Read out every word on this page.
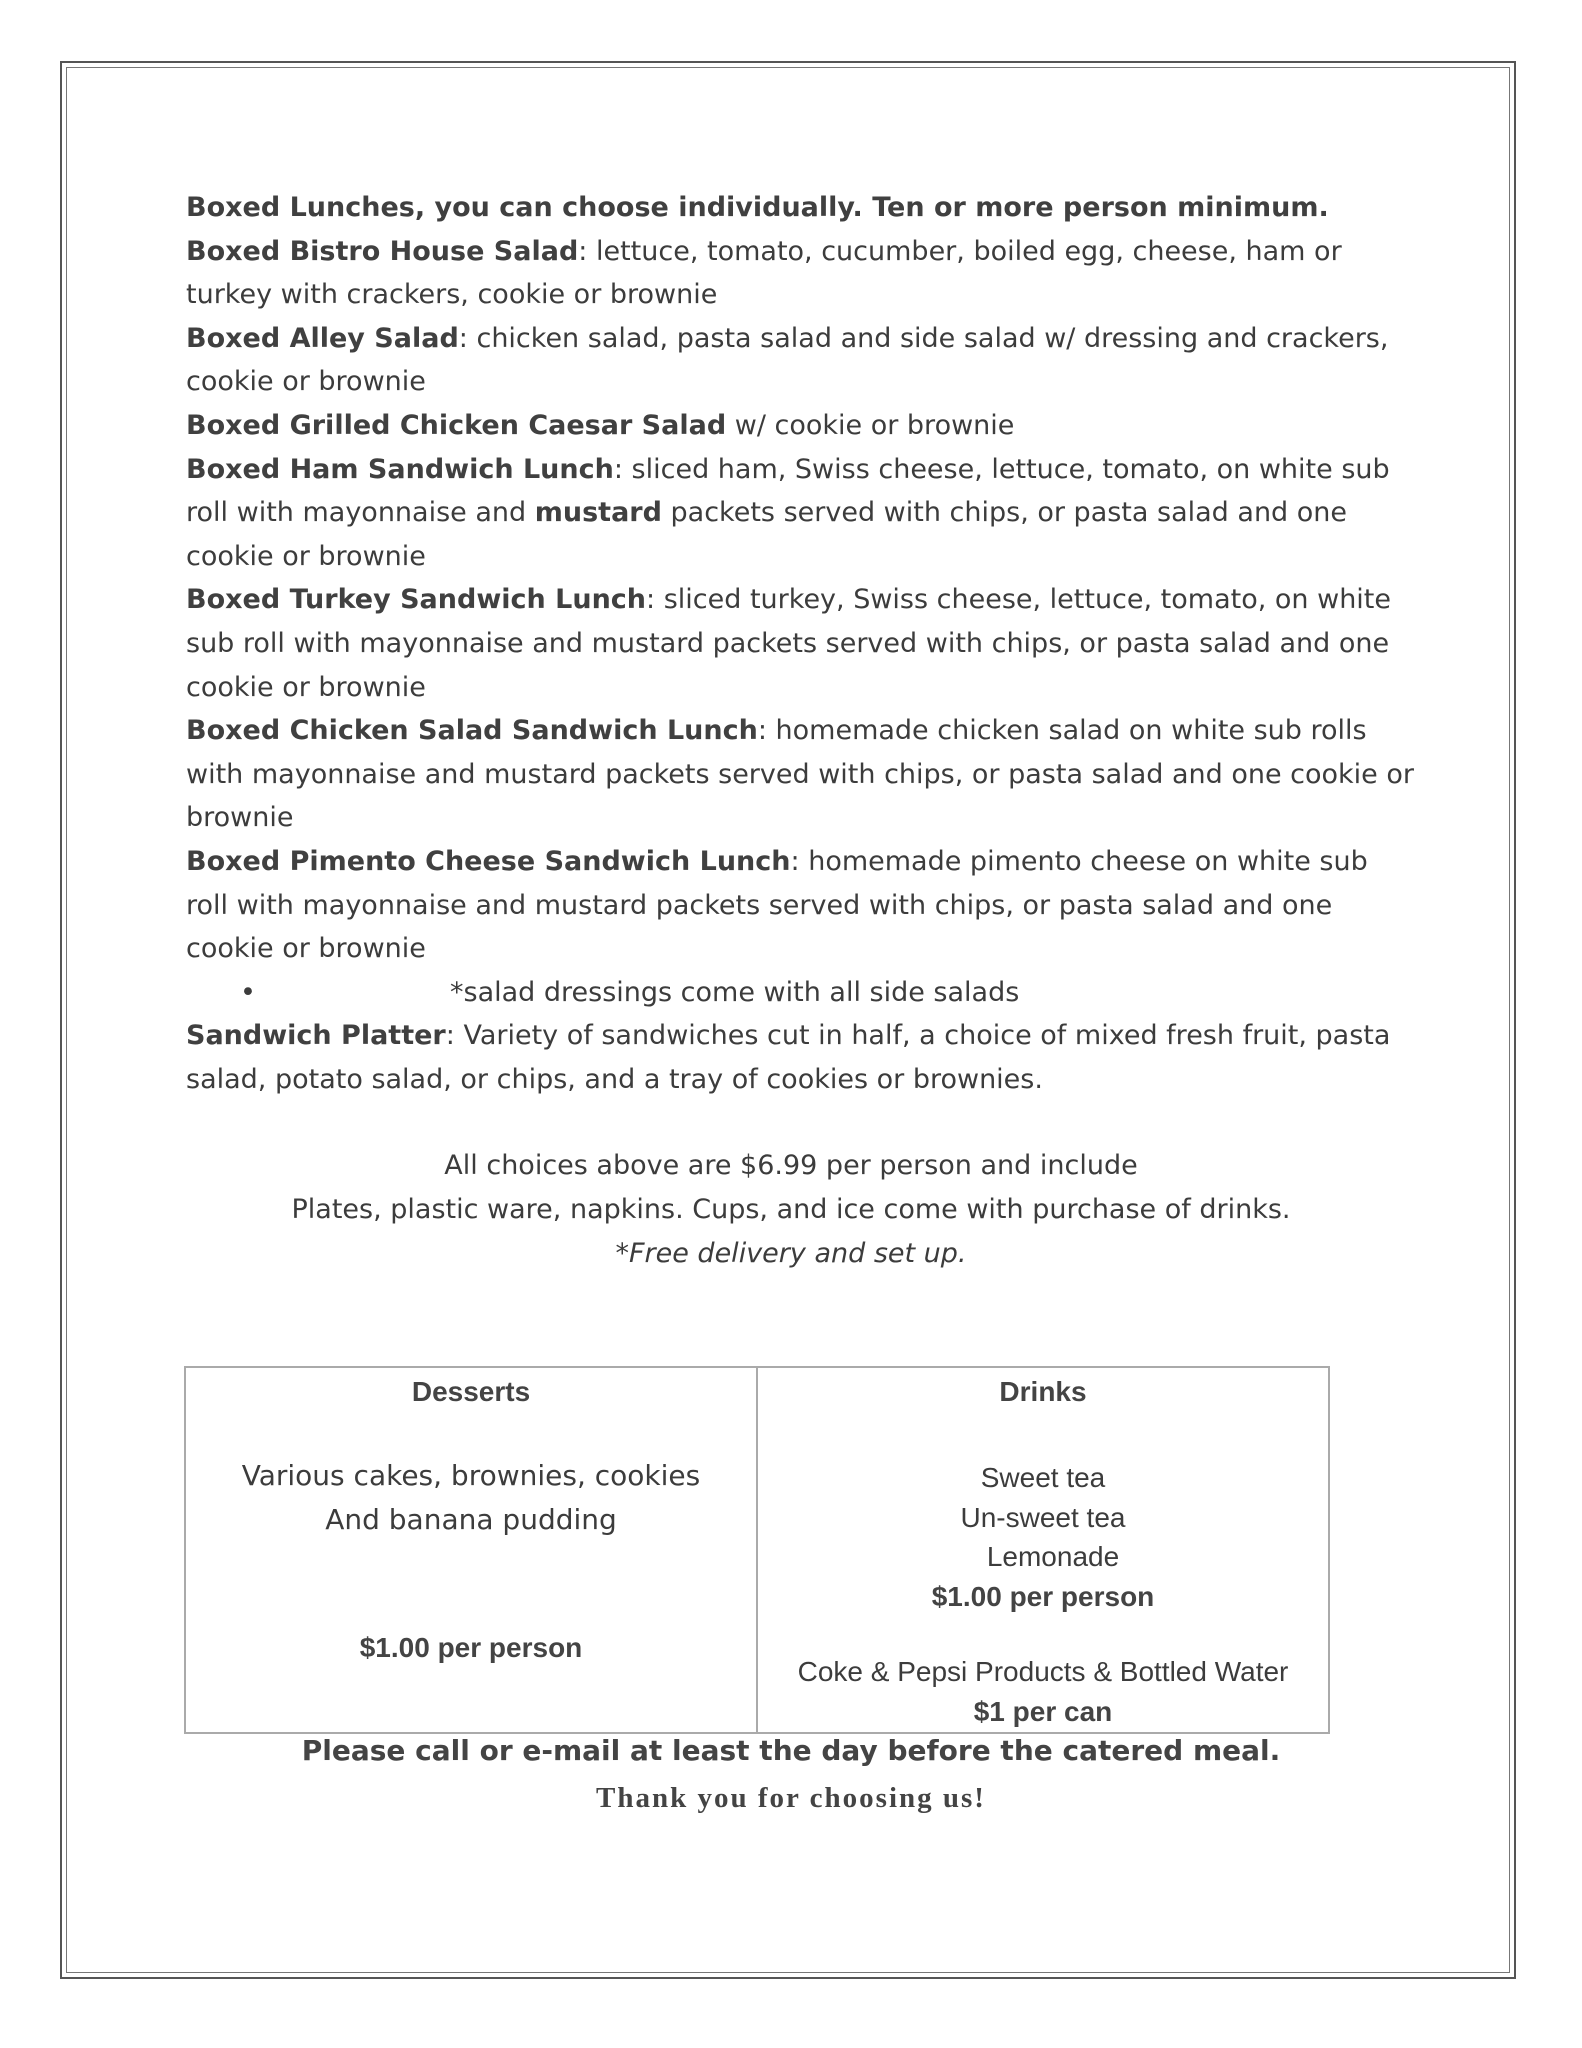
Boxed Lunches, you can choose individually. Ten or more person minimum.

Boxed Bistro House Salad: lettuce, tomato, cucumber, boiled egg, cheese, ham or turkey with crackers, cookie or brownie

Boxed Alley Salad: chicken salad, pasta salad and side salad w/ dressing and crackers, cookie or brownie

Boxed Grilled Chicken Caesar Salad w/ cookie or brownie

Boxed Ham Sandwich Lunch: sliced ham, Swiss cheese, lettuce, tomato, on white sub roll with mayonnaise and mustard packets served with chips, or pasta salad and one cookie or brownie

Boxed Turkey Sandwich Lunch: sliced turkey, Swiss cheese, lettuce, tomato, on white sub roll with mayonnaise and mustard packets served with chips, or pasta salad and one cookie or brownie

Boxed Chicken Salad Sandwich Lunch: homemade chicken salad on white sub rolls with mayonnaise and mustard packets served with chips, or pasta salad and one cookie or brownie

Boxed Pimento Cheese Sandwich Lunch: homemade pimento cheese on white sub roll with mayonnaise and mustard packets served with chips, or pasta salad and one cookie or brownie

•	*salad dressings come with all side salads

Sandwich Platter: Variety of sandwiches cut in half, a choice of mixed fresh fruit, pasta salad, potato salad, or chips, and a tray of cookies or brownies.

All choices above are $6.99 per person and include
Plates, plastic ware, napkins. Cups, and ice come with purchase of drinks.
*Free delivery and set up.
Desserts
Various cakes, brownies, cookies
And banana pudding
$1.00 per person
Drinks
Sweet tea
Un-sweet tea
Lemonade
$1.00 per person
Coke & Pepsi Products & Bottled Water
$1 per can
Please call or e-mail at least the day before the catered meal.
Thank you for choosing us!
